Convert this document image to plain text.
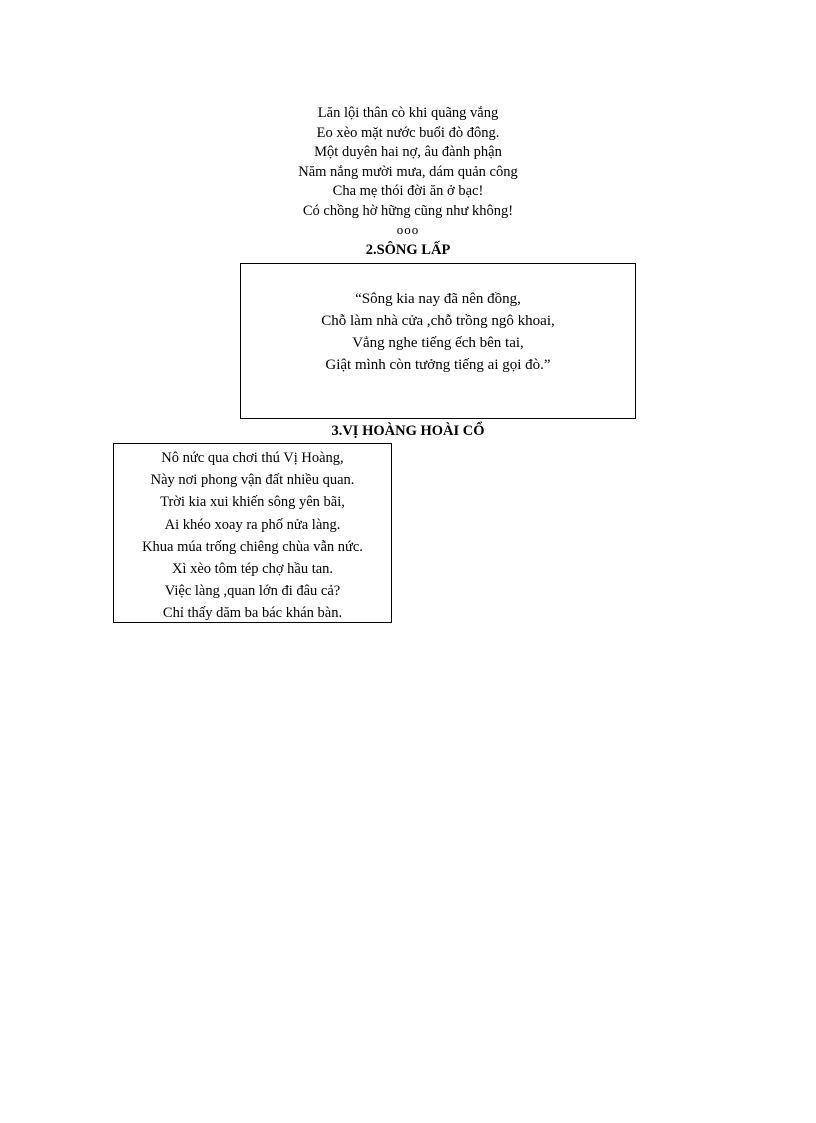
Lăn lội thân cò khi quãng vắng
Eo xèo mặt nước buổi đò đông.
Một duyên hai nợ, âu đành phận
Năm nắng mười mưa, dám quản công
Cha mẹ thói đời ăn ở bạc!
Có chồng hờ hững cũng như không!
ooo
2.SÔNG LẤP
“Sông kia nay đã nên đồng,
Chỗ làm nhà cửa ,chỗ trồng ngô khoai,
Vẳng nghe tiếng ếch bên tai,
Giật mình còn tưởng tiếng ai gọi đò.”
3.VỊ HOÀNG HOÀI CỔ
Nô nức qua chơi thú Vị Hoàng,
Này nơi phong vận đất nhiều quan.
Trời kia xui khiến sông yên bãi,
Ai khéo xoay ra phố nửa làng.
Khua múa trống chiêng chùa vẫn nức.
Xì xèo tôm tép chợ hầu tan.
Việc làng ,quan lớn đi đâu cả?
Chỉ thấy dăm ba bác khán bàn.
